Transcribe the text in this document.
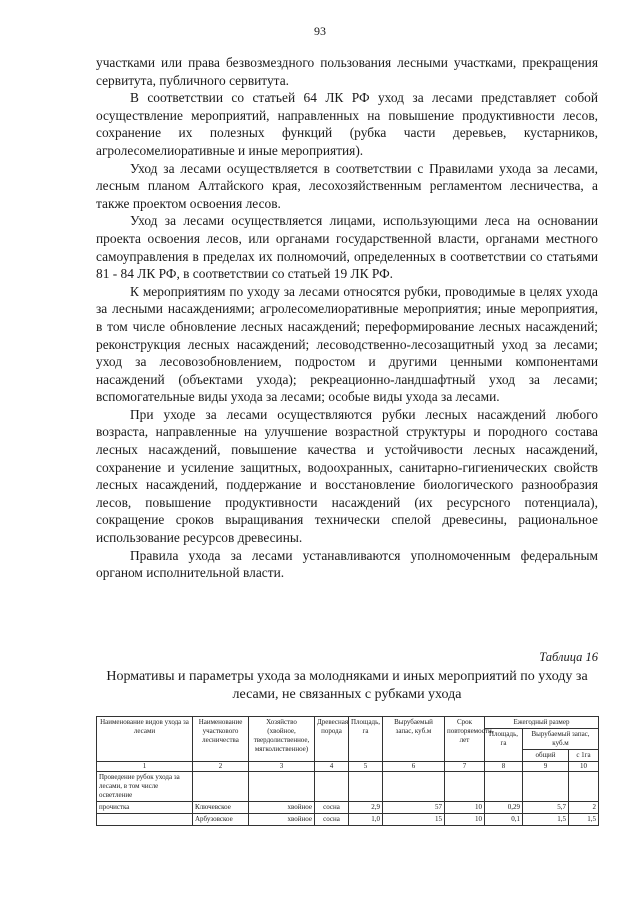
93

участками или права безвозмездного пользования лесными участками, прекращения сервитута, публичного сервитута.

В соответствии со статьей 64 ЛК РФ уход за лесами представляет собой осуществление мероприятий, направленных на повышение продуктивности лесов, сохранение их полезных функций (рубка части деревьев, кустарников, агролесомелиоративные и иные мероприятия).

Уход за лесами осуществляется в соответствии с Правилами ухода за лесами, лесным планом Алтайского края, лесохозяйственным регламентом лесничества, а также проектом освоения лесов.

Уход за лесами осуществляется лицами, использующими леса на основании проекта освоения лесов, или органами государственной власти, органами местного самоуправления в пределах их полномочий, определенных в соответствии со статьями 81 - 84 ЛК РФ, в соответствии со статьей 19 ЛК РФ.

К мероприятиям по уходу за лесами относятся рубки, проводимые в целях ухода за лесными насаждениями; агролесомелиоративные мероприятия; иные мероприятия, в том числе обновление лесных насаждений; переформирование лесных насаждений; реконструкция лесных насаждений; лесоводственно-лесозащитный уход за лесами; уход за лесовозобновлением, подростом и другими ценными компонентами насаждений (объектами ухода); рекреационно-ландшафтный уход за лесами; вспомогательные виды ухода за лесами; особые виды ухода за лесами.

При уходе за лесами осуществляются рубки лесных насаждений любого возраста, направленные на улучшение возрастной структуры и породного состава лесных насаждений, повышение качества и устойчивости лесных насаждений, сохранение и усиление защитных, водоохранных, санитарно-гигиенических свойств лесных насаждений, поддержание и восстановление биологического разнообразия лесов, повышение продуктивности насаждений (их ресурсного потенциала), сокращение сроков выращивания технически спелой древесины, рациональное использование ресурсов древесины.

Правила ухода за лесами устанавливаются уполномоченным федеральным органом исполнительной власти.

Таблица 16
Нормативы и параметры ухода за молодняками и иных мероприятий по уходу за лесами, не связанных с рубками ухода
Наименование видов ухода за лесами	Наименование участкового лесничества	Хозяйство (хвойное, твердолиственное, мягколиственное)	Древесная порода	Площадь, га	Вырубаемый запас, куб.м	Срок повторяемости, лет	Ежегодный размер		
							Площадь, га	Вырубаемый запас, куб.м	
								общий	с 1га
1	2	3	4	5	6	7	8	9	10
Проведение рубок ухода за лесами, в том числе осветление									
прочистка	Ключевское	хвойное	сосна	2,9	57	10	0,29	5,7	2
	Арбузовское	хвойное	сосна	1,0	15	10	0,1	1,5	1,5
